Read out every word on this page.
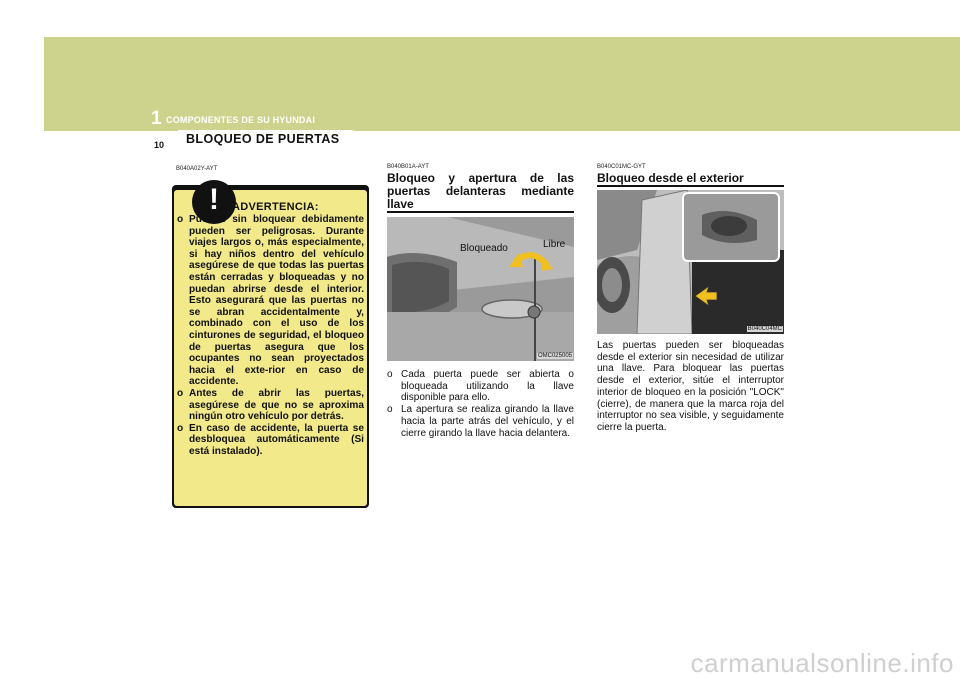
1 COMPONENTES DE SU HYUNDAI
10	BLOQUEO DE PUERTAS
B040A02Y-AYT
!	ADVERTENCIA:

o Puertas sin bloquear debidamente pueden ser peligrosas. Durante viajes largos o, más especialmente, si hay niños dentro del vehículo asegúrese de que todas las puertas están cerradas y bloqueadas y no puedan abrirse desde el interior. Esto asegurará que las puertas no se abran accidentalmente y, combinado con el uso de los cinturones de seguridad, el bloqueo de puertas asegura que los ocupantes no sean proyectados hacia el exte-rior en caso de accidente.

o Antes de abrir las puertas, asegúrese de que no se aproxima ningún otro vehículo por detrás.

o En caso de accidente, la puerta se desbloquea automáticamente (Si está instalado).

B040B01A-AYT
Bloqueo y apertura de las puertas delanteras mediante llave
Bloqueado	Libre
OMC025005

o Cada puerta puede ser abierta o bloqueada utilizando la llave disponible para ello.

o La apertura se realiza girando la llave hacia la parte atrás del vehículo, y el cierre girando la llave hacia delantera.

B040C01MC-GYT
Bloqueo desde el exterior
B040C04MC
Las puertas pueden ser bloqueadas desde el exterior sin necesidad de utilizar una llave. Para bloquear las puertas desde el exterior, sitúe el interruptor interior de bloqueo en la posición "LOCK" (cierre), de manera que la marca roja del interruptor no sea visible, y seguidamente cierre la puerta.
carmanualsonline.info
